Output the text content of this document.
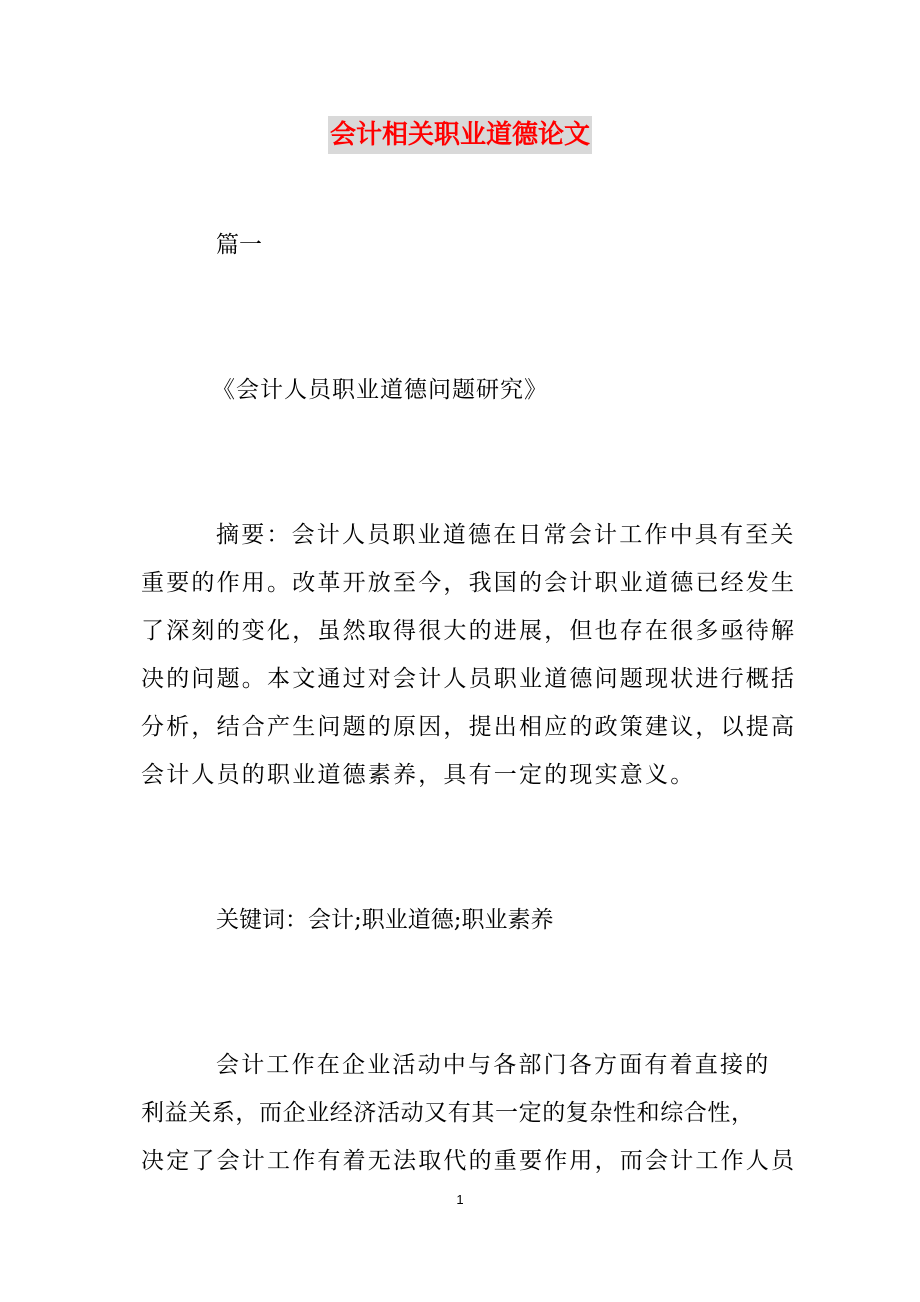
会计相关职业道德论文
篇一
《会计人员职业道德问题研究》
摘要：会计人员职业道德在日常会计工作中具有至关
重要的作用。改革开放至今，我国的会计职业道德已经发生
了深刻的变化，虽然取得很大的进展，但也存在很多亟待解
决的问题。本文通过对会计人员职业道德问题现状进行概括
分析，结合产生问题的原因，提出相应的政策建议，以提高
会计人员的职业道德素养，具有一定的现实意义。
关键词：会计;职业道德;职业素养
会计工作在企业活动中与各部门各方面有着直接的
利益关系，而企业经济活动又有其一定的复杂性和综合性，
决定了会计工作有着无法取代的重要作用，而会计工作人员
1
